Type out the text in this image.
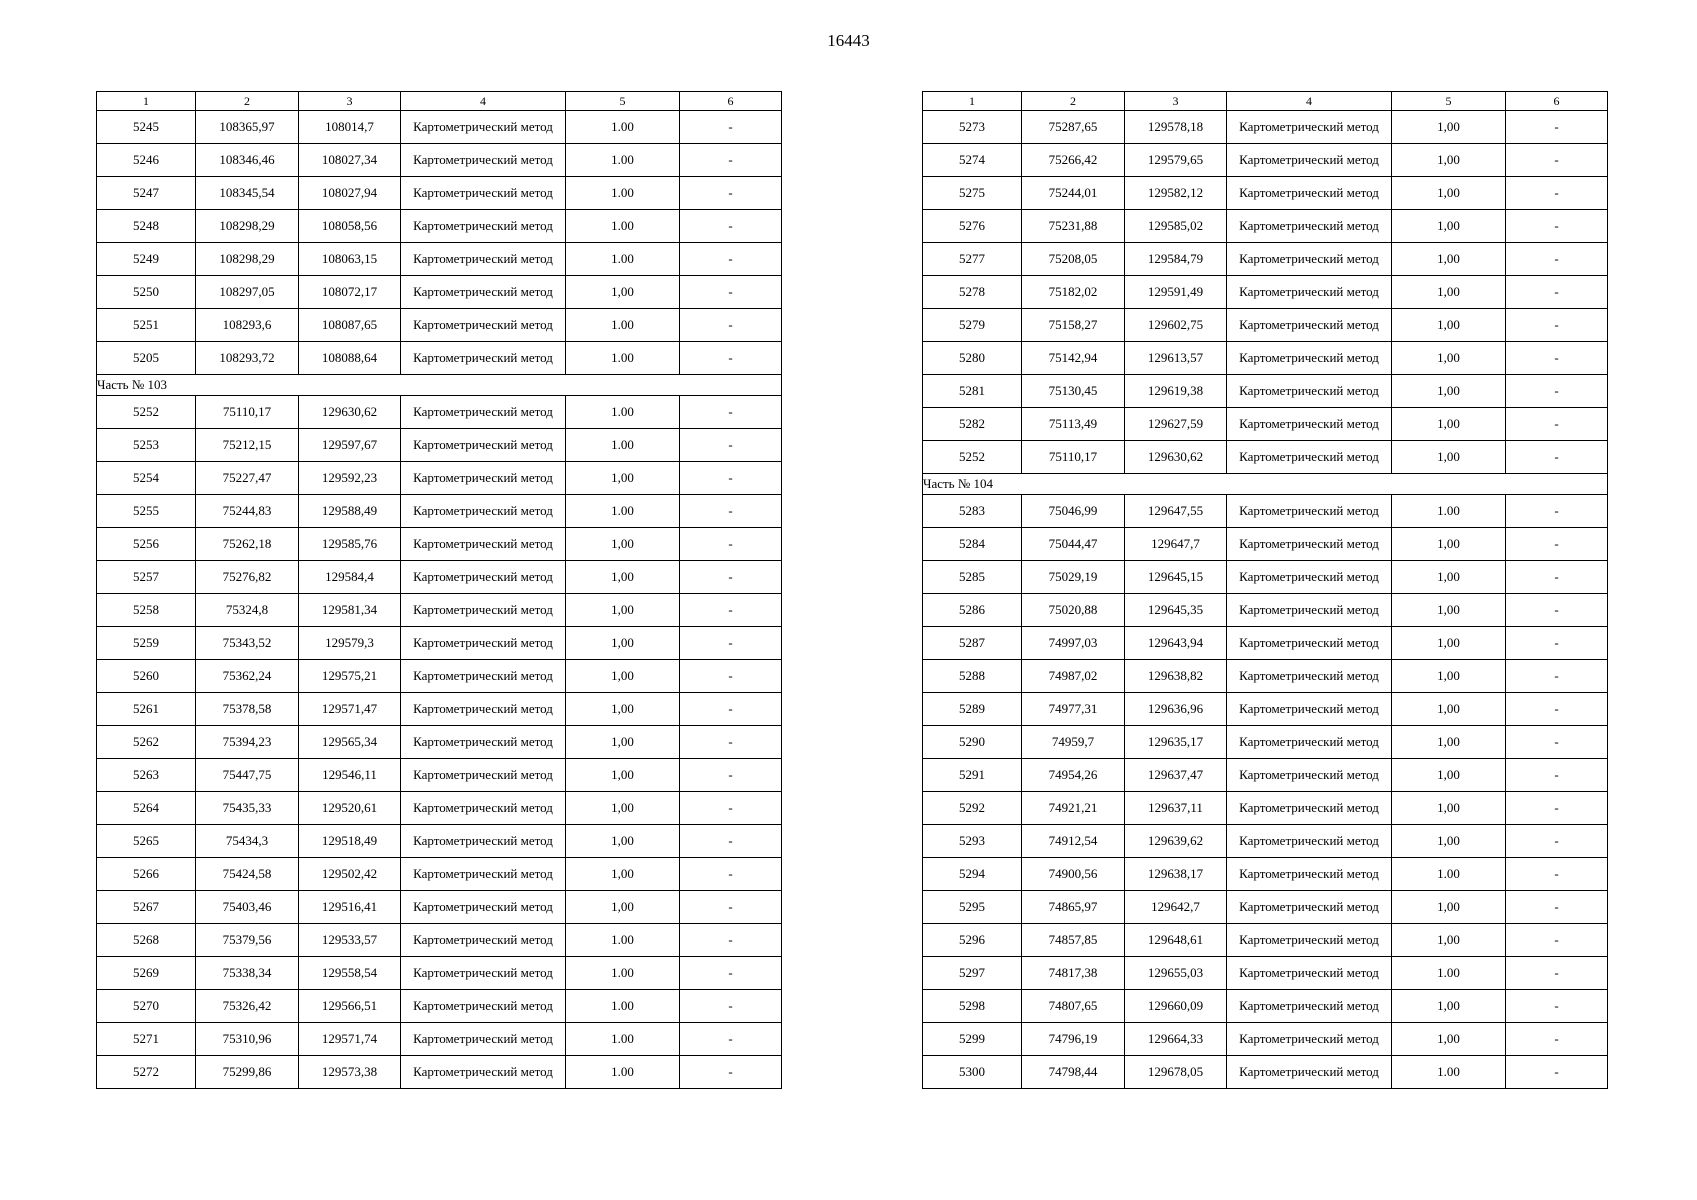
16443
1	2	3	4	5	6
5245	108365,97	108014,7	Картометрический метод	1.00	-
5246	108346,46	108027,34	Картометрический метод	1.00	-
5247	108345,54	108027,94	Картометрический метод	1.00	-
5248	108298,29	108058,56	Картометрический метод	1.00	-
5249	108298,29	108063,15	Картометрический метод	1.00	-
5250	108297,05	108072,17	Картометрический метод	1,00	-
5251	108293,6	108087,65	Картометрический метод	1.00	-
5205	108293,72	108088,64	Картометрический метод	1.00	-
Часть № 103					
5252	75110,17	129630,62	Картометрический метод	1.00	-
5253	75212,15	129597,67	Картометрический метод	1.00	-
5254	75227,47	129592,23	Картометрический метод	1,00	-
5255	75244,83	129588,49	Картометрический метод	1.00	-
5256	75262,18	129585,76	Картометрический метод	1,00	-
5257	75276,82	129584,4	Картометрический метод	1,00	-
5258	75324,8	129581,34	Картометрический метод	1,00	-
5259	75343,52	129579,3	Картометрический метод	1,00	-
5260	75362,24	129575,21	Картометрический метод	1,00	-
5261	75378,58	129571,47	Картометрический метод	1,00	-
5262	75394,23	129565,34	Картометрический метод	1,00	-
5263	75447,75	129546,11	Картометрический метод	1,00	-
5264	75435,33	129520,61	Картометрический метод	1,00	-
5265	75434,3	129518,49	Картометрический метод	1,00	-
5266	75424,58	129502,42	Картометрический метод	1,00	-
5267	75403,46	129516,41	Картометрический метод	1,00	-
5268	75379,56	129533,57	Картометрический метод	1.00	-
5269	75338,34	129558,54	Картометрический метод	1.00	-
5270	75326,42	129566,51	Картометрический метод	1.00	-
5271	75310,96	129571,74	Картометрический метод	1.00	-
5272	75299,86	129573,38	Картометрический метод	1.00	-
1	2	3	4	5	6
5273	75287,65	129578,18	Картометрический метод	1,00	-
5274	75266,42	129579,65	Картометрический метод	1,00	-
5275	75244,01	129582,12	Картометрический метод	1,00	-
5276	75231,88	129585,02	Картометрический метод	1,00	-
5277	75208,05	129584,79	Картометрический метод	1,00	-
5278	75182,02	129591,49	Картометрический метод	1,00	-
5279	75158,27	129602,75	Картометрический метод	1,00	-
5280	75142,94	129613,57	Картометрический метод	1,00	-
5281	75130,45	129619,38	Картометрический метод	1,00	-
5282	75113,49	129627,59	Картометрический метод	1,00	-
5252	75110,17	129630,62	Картометрический метод	1,00	-
Часть № 104					
5283	75046,99	129647,55	Картометрический метод	1.00	-
5284	75044,47	129647,7	Картометрический метод	1,00	-
5285	75029,19	129645,15	Картометрический метод	1,00	-
5286	75020,88	129645,35	Картометрический метод	1,00	-
5287	74997,03	129643,94	Картометрический метод	1,00	-
5288	74987,02	129638,82	Картометрический метод	1,00	-
5289	74977,31	129636,96	Картометрический метод	1,00	-
5290	74959,7	129635,17	Картометрический метод	1,00	-
5291	74954,26	129637,47	Картометрический метод	1,00	-
5292	74921,21	129637,11	Картометрический метод	1,00	-
5293	74912,54	129639,62	Картометрический метод	1,00	-
5294	74900,56	129638,17	Картометрический метод	1.00	-
5295	74865,97	129642,7	Картометрический метод	1,00	-
5296	74857,85	129648,61	Картометрический метод	1,00	-
5297	74817,38	129655,03	Картометрический метод	1.00	-
5298	74807,65	129660,09	Картометрический метод	1,00	-
5299	74796,19	129664,33	Картометрический метод	1,00	-
5300	74798,44	129678,05	Картометрический метод	1.00	-
